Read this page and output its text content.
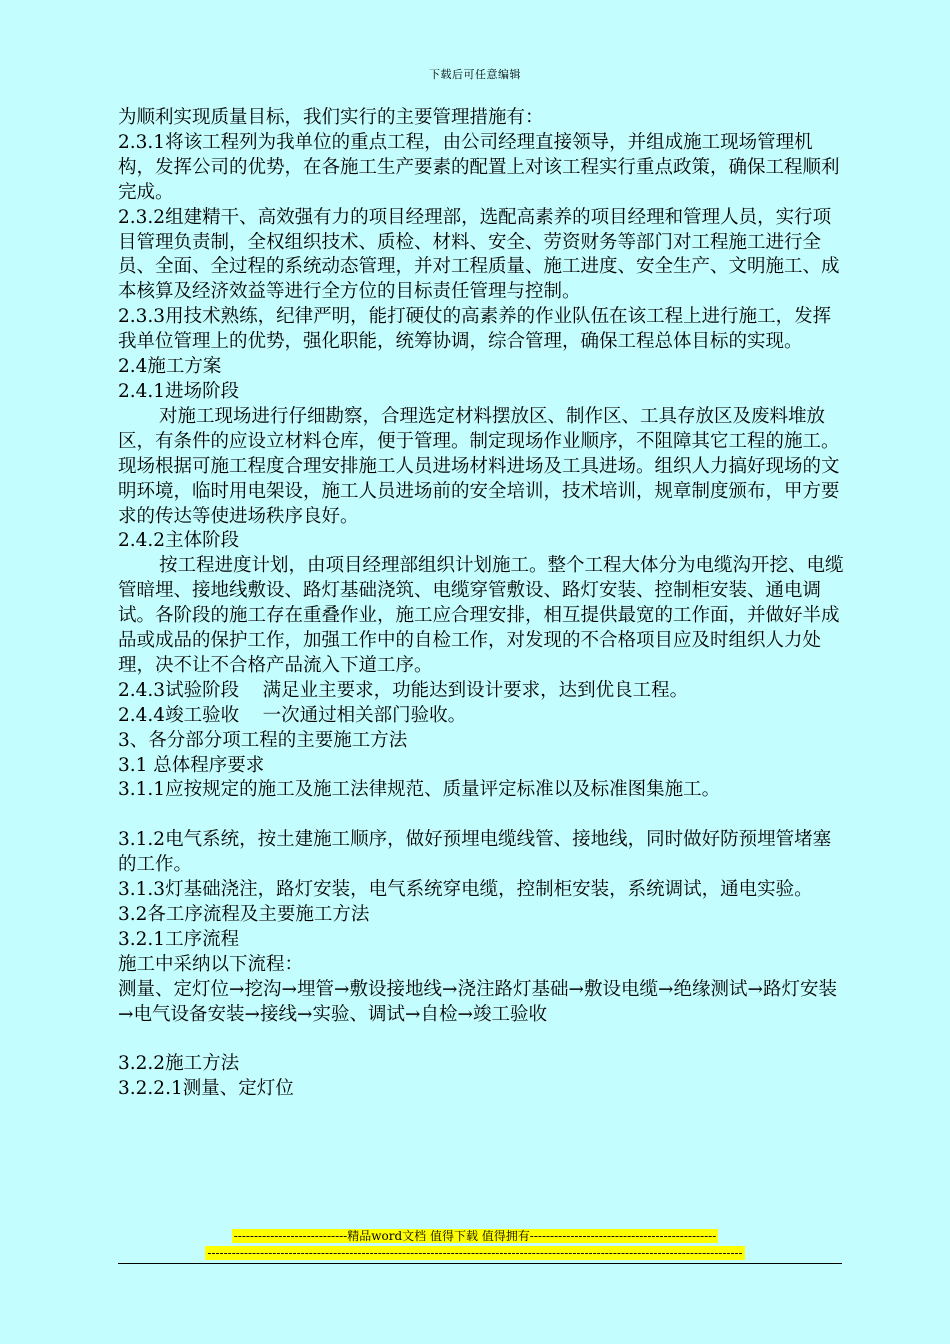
下载后可任意编辑

为顺利实现质量目标，我们实行的主要管理措施有：

2.3.1将该工程列为我单位的重点工程，由公司经理直接领导，并组成施工现场管理机构，发挥公司的优势，在各施工生产要素的配置上对该工程实行重点政策，确保工程顺利完成。

2.3.2组建精干、高效强有力的项目经理部，选配高素养的项目经理和管理人员，实行项目管理负责制，全权组织技术、质检、材料、安全、劳资财务等部门对工程施工进行全员、全面、全过程的系统动态管理，并对工程质量、施工进度、安全生产、文明施工、成本核算及经济效益等进行全方位的目标责任管理与控制。

2.3.3用技术熟练，纪律严明，能打硬仗的高素养的作业队伍在该工程上进行施工，发挥我单位管理上的优势，强化职能，统筹协调，综合管理，确保工程总体目标的实现。

2.4施工方案

2.4.1进场阶段

对施工现场进行仔细勘察，合理选定材料摆放区、制作区、工具存放区及废料堆放区，有条件的应设立材料仓库，便于管理。制定现场作业顺序，不阻障其它工程的施工。现场根据可施工程度合理安排施工人员进场材料进场及工具进场。组织人力搞好现场的文明环境，临时用电架设，施工人员进场前的安全培训，技术培训，规章制度颁布，甲方要求的传达等使进场秩序良好。

2.4.2主体阶段

按工程进度计划，由项目经理部组织计划施工。整个工程大体分为电缆沟开挖、电缆管暗埋、接地线敷设、路灯基础浇筑、电缆穿管敷设、路灯安装、控制柜安装、通电调试。各阶段的施工存在重叠作业，施工应合理安排，相互提供最宽的工作面，并做好半成品或成品的保护工作，加强工作中的自检工作，对发现的不合格项目应及时组织人力处理，决不让不合格产品流入下道工序。

2.4.3试验阶段    满足业主要求，功能达到设计要求，达到优良工程。

2.4.4竣工验收    一次通过相关部门验收。

3、各分部分项工程的主要施工方法

3.1 总体程序要求

3.1.1应按规定的施工及施工法律规范、质量评定标准以及标准图集施工。

3.1.2电气系统，按土建施工顺序，做好预埋电缆线管、接地线，同时做好防预埋管堵塞的工作。

3.1.3灯基础浇注，路灯安装，电气系统穿电缆，控制柜安装，系统调试，通电实验。

3.2各工序流程及主要施工方法

3.2.1工序流程

施工中采纳以下流程：

测量、定灯位→挖沟→埋管→敷设接地线→浇注路灯基础→敷设电缆→绝缘测试→路灯安装→电气设备安装→接线→实验、调试→自检→竣工验收

3.2.2施工方法

3.2.2.1测量、定灯位

----------------------------精品word文档 值得下载 值得拥有----------------------------------------------
------------------------------------------------------------------------------------------------------------------------------------
